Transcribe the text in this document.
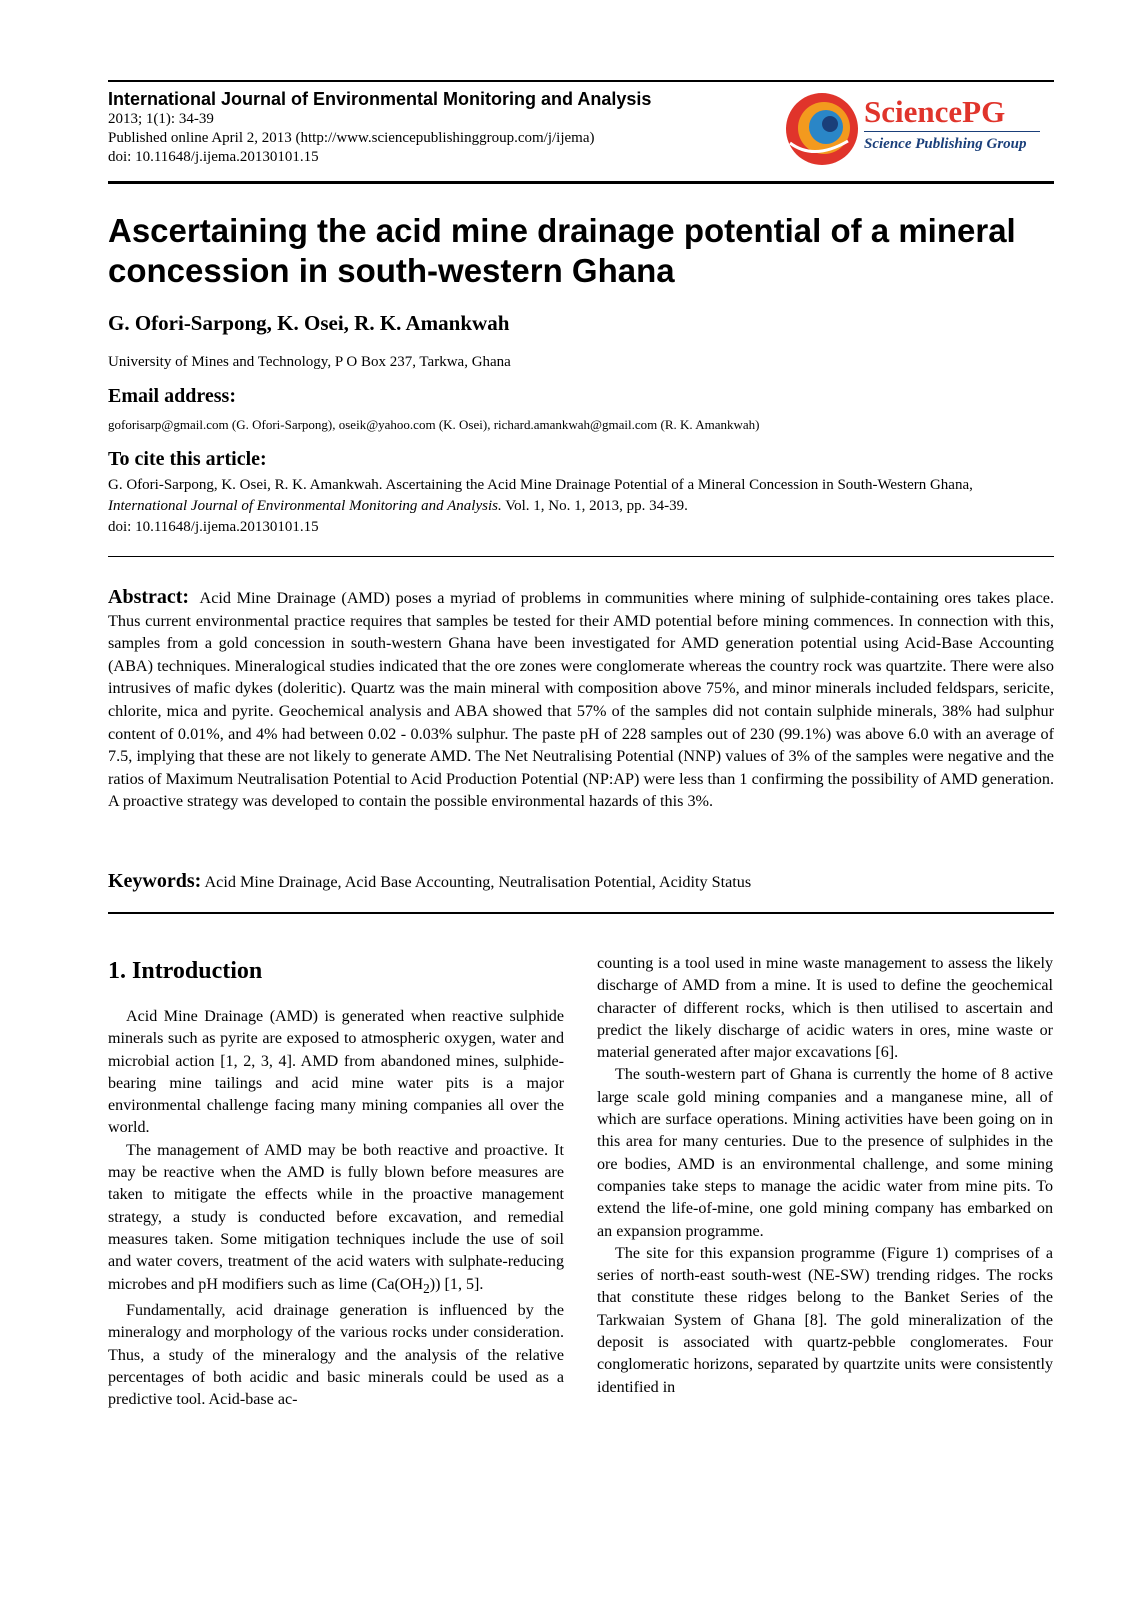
International Journal of Environmental Monitoring and Analysis
2013; 1(1): 34-39
Published online April 2, 2013 (http://www.sciencepublishinggroup.com/j/ijema)
doi: 10.11648/j.ijema.20130101.15
SciencePG
Science Publishing Group
Ascertaining the acid mine drainage potential of a mineral concession in south-western Ghana
G. Ofori-Sarpong, K. Osei, R. K. Amankwah
University of Mines and Technology, P O Box 237, Tarkwa, Ghana
Email address:
goforisarp@gmail.com (G. Ofori-Sarpong), oseik@yahoo.com (K. Osei), richard.amankwah@gmail.com (R. K. Amankwah)
To cite this article:
G. Ofori-Sarpong, K. Osei, R. K. Amankwah. Ascertaining the Acid Mine Drainage Potential of a Mineral Concession in South-Western Ghana, International Journal of Environmental Monitoring and Analysis. Vol. 1, No. 1, 2013, pp. 34-39.
doi: 10.11648/j.ijema.20130101.15
Abstract: Acid Mine Drainage (AMD) poses a myriad of problems in communities where mining of sulphide-containing ores takes place. Thus current environmental practice requires that samples be tested for their AMD potential before mining commences. In connection with this, samples from a gold concession in south-western Ghana have been investigated for AMD generation potential using Acid-Base Accounting (ABA) techniques. Mineralogical studies indicated that the ore zones were conglomerate whereas the country rock was quartzite. There were also intrusives of mafic dykes (doleritic). Quartz was the main mineral with composition above 75%, and minor minerals included feldspars, sericite, chlorite, mica and pyrite. Geochemical analysis and ABA showed that 57% of the samples did not contain sulphide minerals, 38% had sulphur content of 0.01%, and 4% had between 0.02 - 0.03% sulphur. The paste pH of 228 samples out of 230 (99.1%) was above 6.0 with an average of 7.5, implying that these are not likely to generate AMD. The Net Neutralising Potential (NNP) values of 3% of the samples were negative and the ratios of Maximum Neutralisation Potential to Acid Production Potential (NP:AP) were less than 1 confirming the possibility of AMD generation. A proactive strategy was developed to contain the possible environmental hazards of this 3%.
Keywords: Acid Mine Drainage, Acid Base Accounting, Neutralisation Potential, Acidity Status
1. Introduction

Acid Mine Drainage (AMD) is generated when reactive sulphide minerals such as pyrite are exposed to atmospheric oxygen, water and microbial action [1, 2, 3, 4]. AMD from abandoned mines, sulphide-bearing mine tailings and acid mine water pits is a major environmental challenge facing many mining companies all over the world.

The management of AMD may be both reactive and proactive. It may be reactive when the AMD is fully blown before measures are taken to mitigate the effects while in the proactive management strategy, a study is conducted before excavation, and remedial measures taken. Some mitigation techniques include the use of soil and water covers, treatment of the acid waters with sulphate-reducing microbes and pH modifiers such as lime $(Ca(OH_2))$ [1, 5].

Fundamentally, acid drainage generation is influenced by the mineralogy and morphology of the various rocks under consideration. Thus, a study of the mineralogy and the analysis of the relative percentages of both acidic and basic minerals could be used as a predictive tool. Acid-base ac-

counting is a tool used in mine waste management to assess the likely discharge of AMD from a mine. It is used to define the geochemical character of different rocks, which is then utilised to ascertain and predict the likely discharge of acidic waters in ores, mine waste or material generated after major excavations [6].

The south-western part of Ghana is currently the home of 8 active large scale gold mining companies and a manganese mine, all of which are surface operations. Mining activities have been going on in this area for many centuries. Due to the presence of sulphides in the ore bodies, AMD is an environmental challenge, and some mining companies take steps to manage the acidic water from mine pits. To extend the life-of-mine, one gold mining company has embarked on an expansion programme.

The site for this expansion programme (Figure 1) comprises of a series of north-east south-west (NE-SW) trending ridges. The rocks that constitute these ridges belong to the Banket Series of the Tarkwaian System of Ghana [8]. The gold mineralization of the deposit is associated with quartz-pebble conglomerates. Four conglomeratic horizons, separated by quartzite units were consistently identified in
